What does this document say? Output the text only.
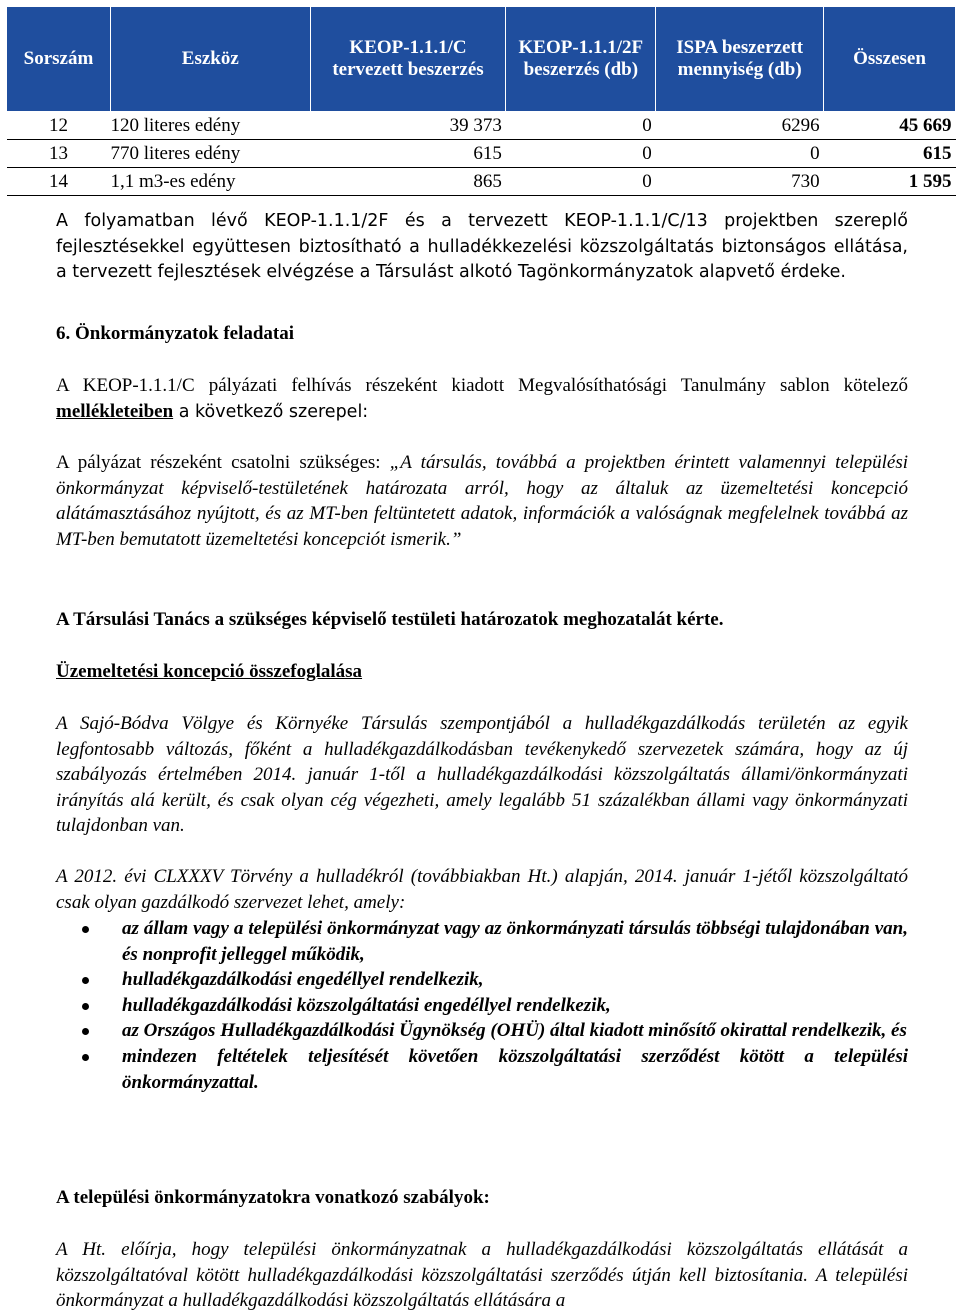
Sorszám	Eszköz	KEOP-1.1.1/C tervezett beszerzés	KEOP-1.1.1/2F beszerzés (db)	ISPA beszerzett mennyiség (db)	Összesen
12	120 literes edény	39 373	0	6296	45 669
13	770 literes edény	615	0	0	615
14	1,1 m3-es edény	865	0	730	1 595

A folyamatban lévő KEOP-1.1.1/2F és a tervezett KEOP-1.1.1/C/13 projektben szereplő fejlesztésekkel együttesen biztosítható a hulladékkezelési közszolgáltatás biztonságos ellátása, a tervezett fejlesztések elvégzése a Társulást alkotó Tagönkormányzatok alapvető érdeke.

6. Önkormányzatok feladatai

A KEOP-1.1.1/C pályázati felhívás részeként kiadott Megvalósíthatósági Tanulmány sablon kötelező mellékleteiben a következő szerepel:

A pályázat részeként csatolni szükséges: „A társulás, továbbá a projektben érintett valamennyi települési önkormányzat képviselő-testületének határozata arról, hogy az általuk az üzemeltetési koncepció alátámasztásához nyújtott, és az MT-ben feltüntetett adatok, információk a valóságnak megfelelnek továbbá az MT-ben bemutatott üzemeltetési koncepciót ismerik.”

A Társulási Tanács a szükséges képviselő testületi határozatok meghozatalát kérte.
Üzemeltetési koncepció összefoglalása

A Sajó-Bódva Völgye és Környéke Társulás szempontjából a hulladékgazdálkodás területén az egyik legfontosabb változás, főként a hulladékgazdálkodásban tevékenykedő szervezetek számára, hogy az új szabályozás értelmében 2014. január 1-től a hulladékgazdálkodási közszolgáltatás állami/önkormányzati irányítás alá került, és csak olyan cég végezheti, amely legalább 51 százalékban állami vagy önkormányzati tulajdonban van.

A 2012. évi CLXXXV Törvény a hulladékról (továbbiakban Ht.) alapján, 2014. január 1-jétől közszolgáltató csak olyan gazdálkodó szervezet lehet, amely:

az állam vagy a települési önkormányzat vagy az önkormányzati társulás többségi tulajdonában van, és nonprofit jelleggel működik,
hulladékgazdálkodási engedéllyel rendelkezik,
hulladékgazdálkodási közszolgáltatási engedéllyel rendelkezik,
az Országos Hulladékgazdálkodási Ügynökség (OHÜ) által kiadott minősítő okirattal rendelkezik, és
mindezen feltételek teljesítését követően közszolgáltatási szerződést kötött a települési önkormányzattal.
A települési önkormányzatokra vonatkozó szabályok:

A Ht. előírja, hogy települési önkormányzatnak a hulladékgazdálkodási közszolgáltatás ellátását a közszolgáltatóval kötött hulladékgazdálkodási közszolgáltatási szerződés útján kell biztosítania. A települési önkormányzat a hulladékgazdálkodási közszolgáltatás ellátására a
